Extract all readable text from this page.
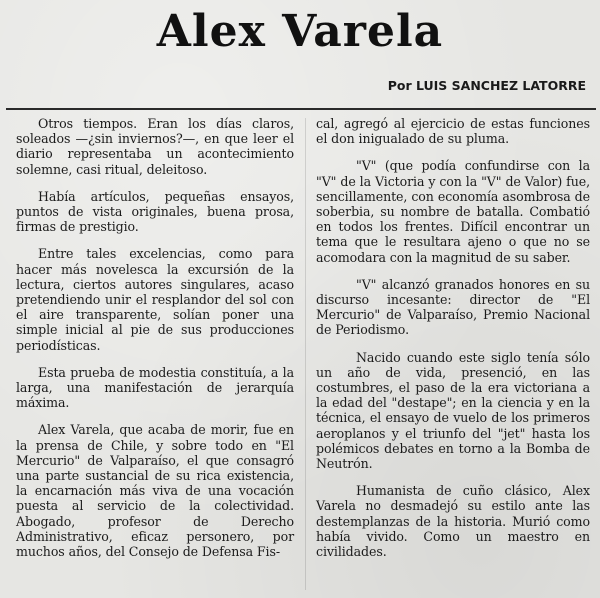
Alex Varela
Por LUIS SANCHEZ LATORRE

Otros tiempos. Eran los días claros, soleados —¿sin inviernos?—, en que leer el diario representaba un acontecimiento solemne, casi ritual, deleitoso.

Había artículos, pequeñas ensayos, puntos de vista originales, buena prosa, firmas de prestigio.

Entre tales excelencias, como para hacer más novelesca la excursión de la lectura, ciertos autores singulares, acaso pretendiendo unir el resplandor del sol con el aire transparente, solían poner una simple inicial al pie de sus producciones periodísticas.

Esta prueba de modestia constituía, a la larga, una manifestación de jerarquía máxima.

Alex Varela, que acaba de morir, fue en la prensa de Chile, y sobre todo en "El Mercurio" de Valparaíso, el que consagró una parte sustancial de su rica existencia, la encarnación más viva de una vocación puesta al servicio de la colectividad. Abogado, profesor de Derecho Administrativo, eficaz personero, por muchos años, del Consejo de Defensa Fis-

cal, agregó al ejercicio de estas funciones el don inigualado de su pluma.

"V" (que podía confundirse con la "V" de la Victoria y con la "V" de Valor) fue, sencillamente, con economía asombrosa de soberbia, su nombre de batalla. Combatió en todos los frentes. Difícil encontrar un tema que le resultara ajeno o que no se acomodara con la magnitud de su saber.

"V" alcanzó granados honores en su discurso incesante: director de "El Mercurio" de Valparaíso, Premio Nacional de Periodismo.

Nacido cuando este siglo tenía sólo un año de vida, presenció, en las costumbres, el paso de la era victoriana a la edad del "destape"; en la ciencia y en la técnica, el ensayo de vuelo de los primeros aeroplanos y el triunfo del "jet" hasta los polémicos debates en torno a la Bomba de Neutrón.

Humanista de cuño clásico, Alex Varela no desmadejó su estilo ante las destemplanzas de la historia. Murió como había vivido. Como un maestro en civilidades.
